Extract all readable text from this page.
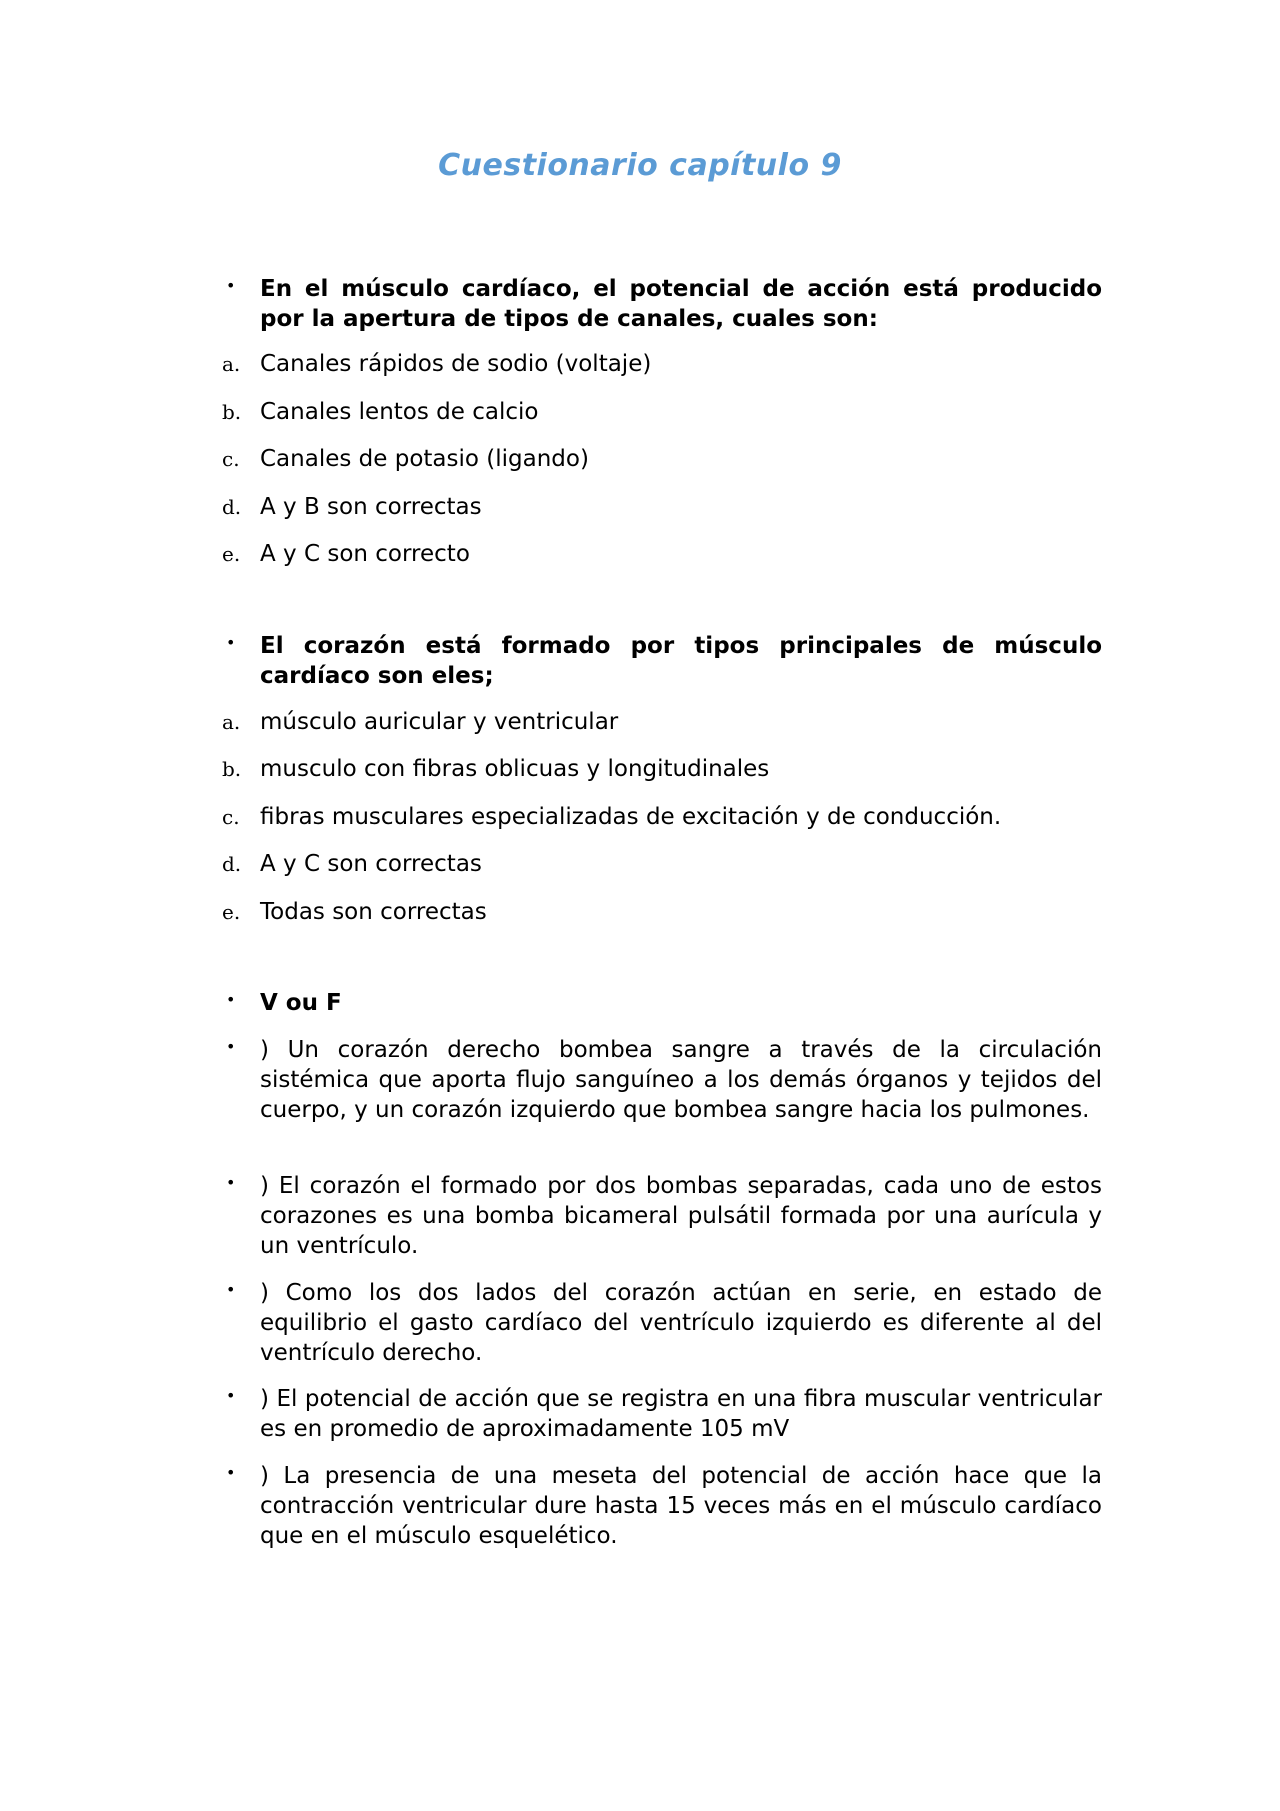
Cuestionario capítulo 9
•	En el músculo cardíaco, el potencial de acción está producido por la apertura de tipos de canales, cuales son:
a. Canales rápidos de sodio (voltaje)
b. Canales lentos de calcio
c. Canales de potasio (ligando)
d. A y B son correctas
e. A y C son correcto
•	El corazón está formado por tipos principales de músculo cardíaco son eles;
a. músculo auricular y ventricular
b. musculo con fibras oblicuas y longitudinales
c. fibras musculares especializadas de excitación y de conducción.
d. A y C son correctas
e. Todas son correctas
•	V ou F
•	) Un corazón derecho bombea sangre a través de la circulación sistémica que aporta flujo sanguíneo a los demás órganos y tejidos del cuerpo, y un corazón izquierdo que bombea sangre hacia los pulmones.
•	) El corazón el formado por dos bombas separadas, cada uno de estos corazones es una bomba bicameral pulsátil formada por una aurícula y un ventrículo.
•	) Como los dos lados del corazón actúan en serie, en estado de equilibrio el gasto cardíaco del ventrículo izquierdo es diferente al del ventrículo derecho.
•	) El potencial de acción que se registra en una fibra muscular ventricular es en promedio de aproximadamente 105 mV
•	) La presencia de una meseta del potencial de acción hace que la contracción ventricular dure hasta 15 veces más en el músculo cardíaco que en el músculo esquelético.
